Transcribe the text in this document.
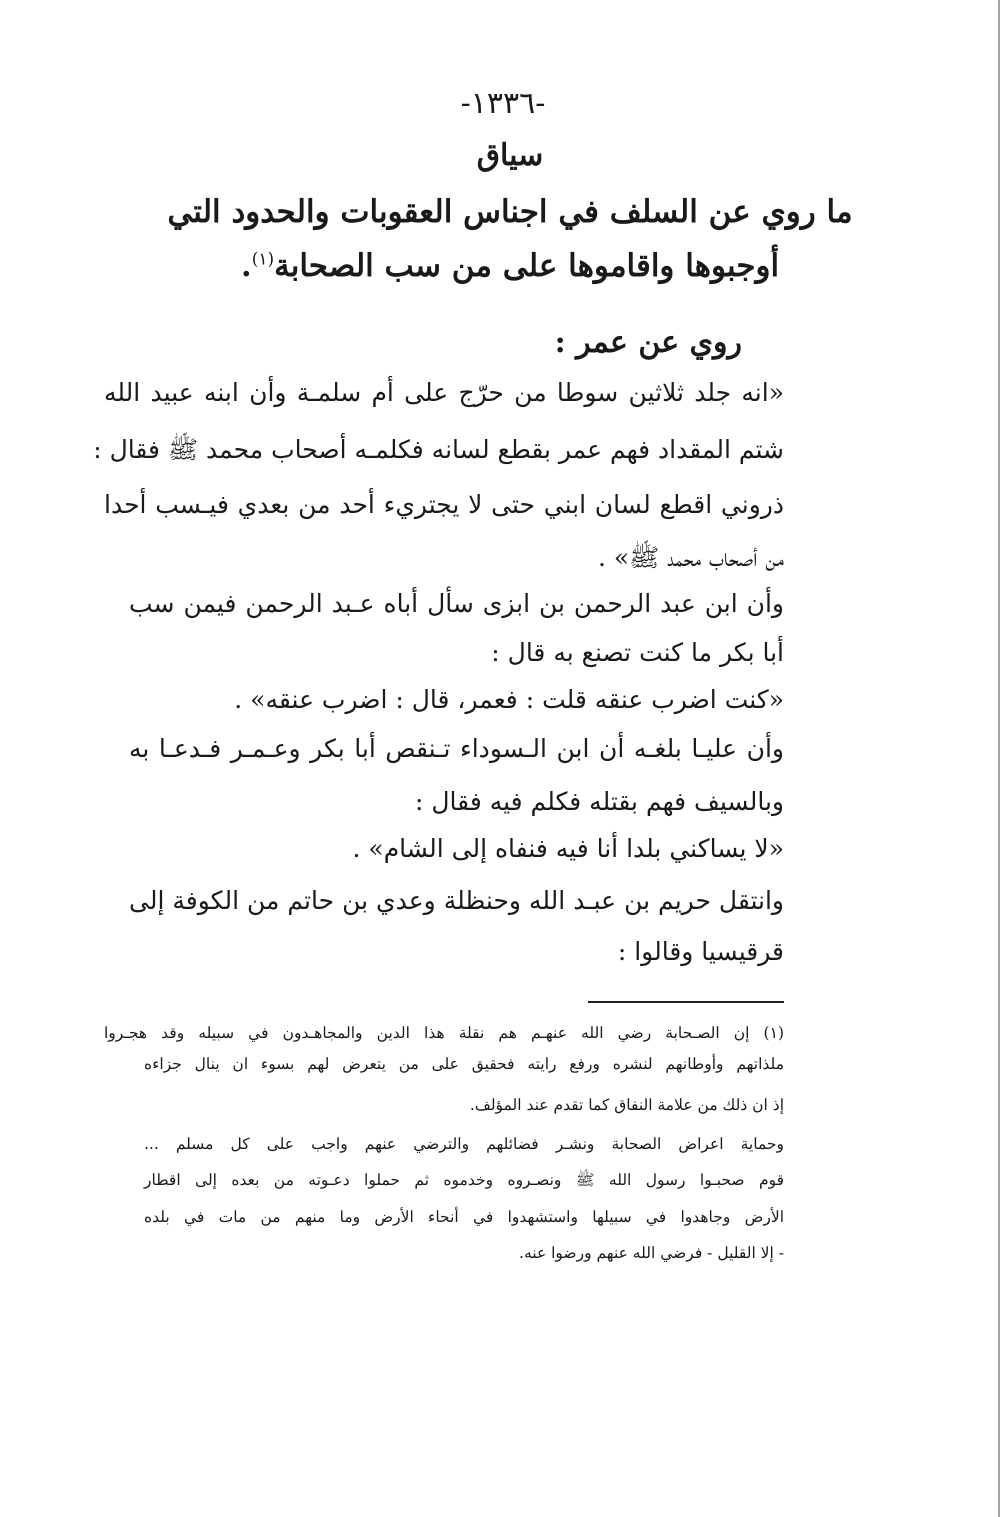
-١٣٣٦-
سياق
ما روي عن السلف في اجناس العقوبات والحدود التي
أوجبوها واقاموها على من سب الصحابة$^{(١)}$.
روي عن عمر :
«انه جلد ثلاثين سوطا من حرّج على أم سلمـة وأن ابنه عبيد الله
شتم المقداد فهم عمر بقطع لسانه فكلمـه أصحاب محمد ﷺ فقال :
ذروني اقطع لسان ابني حتى لا يجتريء أحد من بعدي فيـسب أحدا
من أصحاب محمد ﷺ» .
وأن ابن عبد الرحمن بن ابزى سأل أباه عـبد الرحمن فيمن سب
أبا بكر ما كنت تصنع به قال :
«كنت اضرب عنقه قلت : فعمر، قال : اضرب عنقه» .
وأن عليـا بلغـه أن ابن الـسوداء تـنقص أبا بكر وعـمـر فـدعـا به
وبالسيف فهم بقتله فكلم فيه فقال :
«لا يساكني بلدا أنا فيه فنفاه إلى الشام» .
وانتقل حريم بن عبـد الله وحنظلة وعدي بن حاتم من الكوفة إلى
قرقيسيا وقالوا :
(١) إن الصـحابة رضي الله عنهـم هم نقلة هذا الدين والمجاهـدون في سبيله وقد هجـروا
ملذاتهم وأوطانهم لنشره ورفع رايته فحقيق على من يتعرض لهم بسوء ان ينال جزاءه
إذ ان ذلك من علامة النفاق كما تقدم عند المؤلف.
وحماية اعراض الصحابة ونشـر فضائلهم والترضي عنهم واجب على كل مسلم ...
قوم صحبـوا رسول الله ﷺ ونصـروه وخدموه ثم حملوا دعـوته من بعده إلى اقطار
الأرض وجاهدوا في سبيلها واستشهدوا في أنحاء الأرض وما منهم من مات في بلده
- إلا القليل - فرضي الله عنهم ورضوا عنه.
